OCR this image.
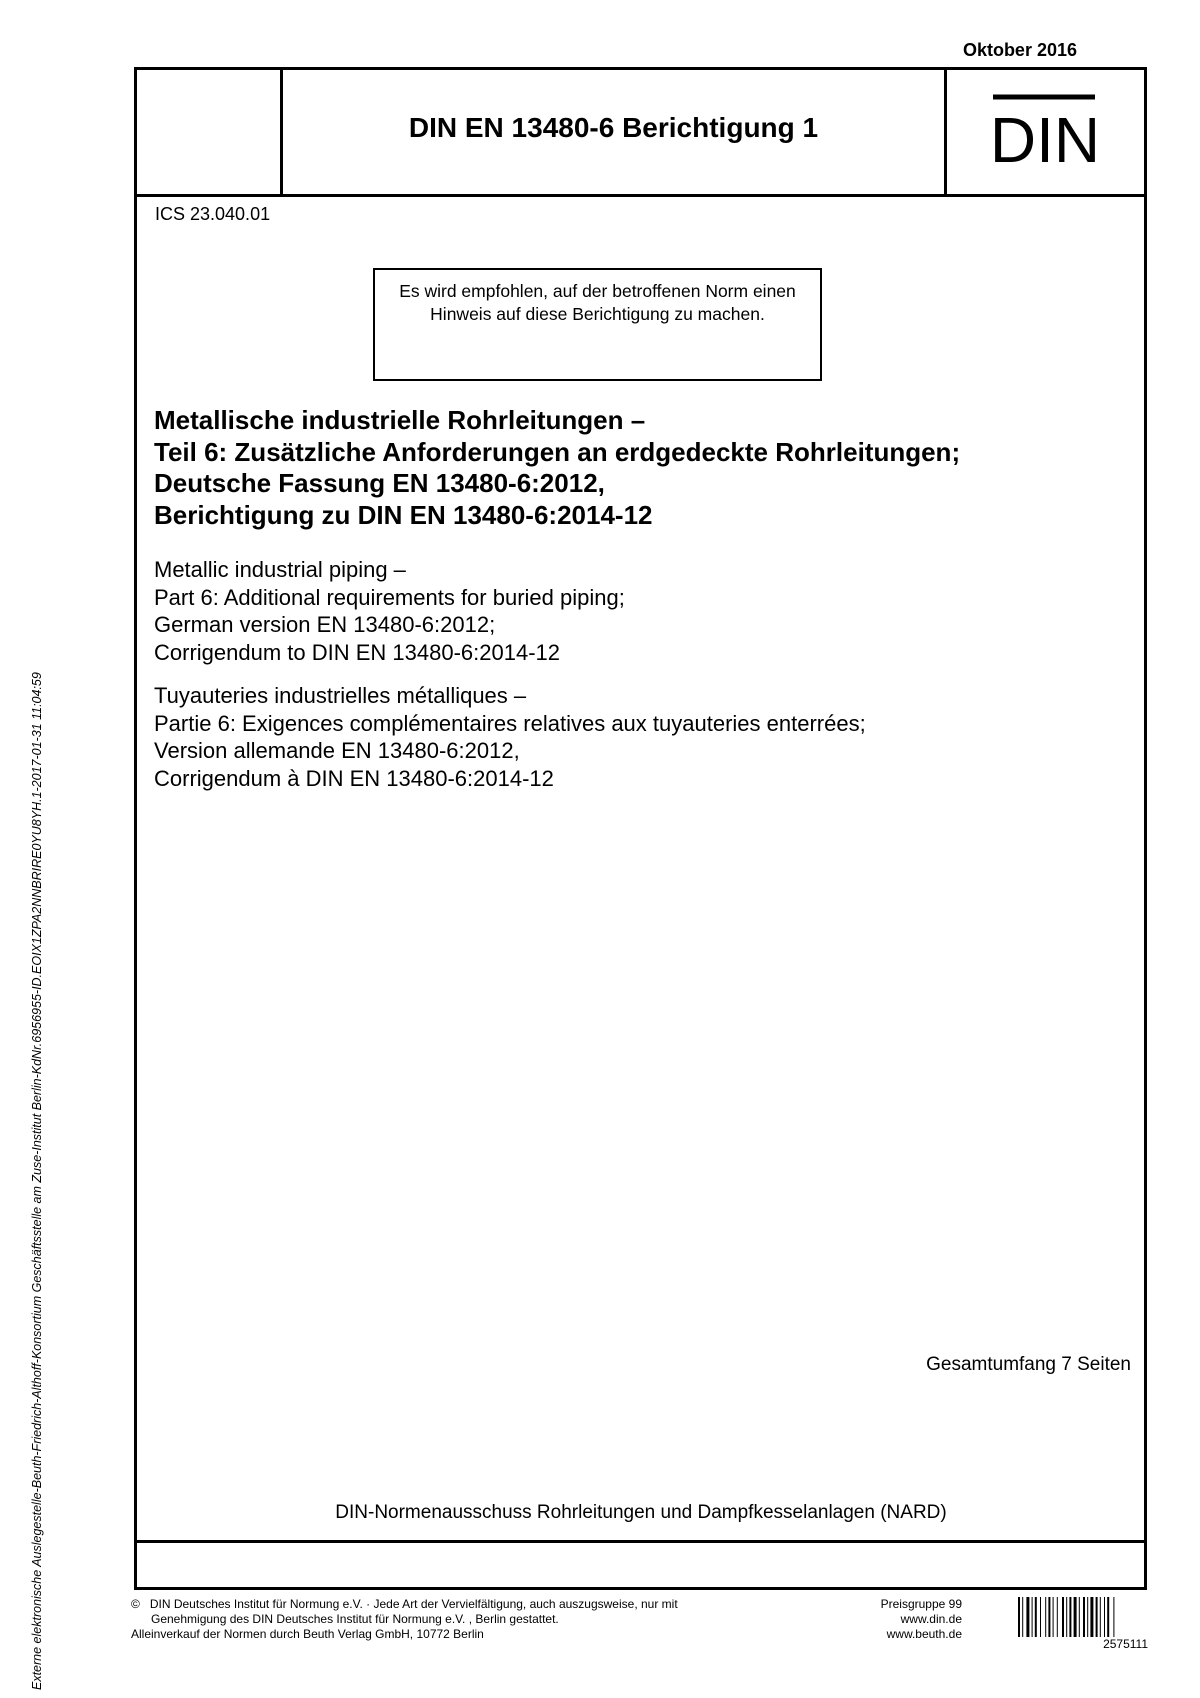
Oktober 2016
DIN EN 13480-6 Berichtigung 1	DIN
ICS 23.040.01
Es wird empfohlen, auf der betroffenen Norm einen Hinweis auf diese Berichtigung zu machen.
Metallische industrielle Rohrleitungen –
Teil 6: Zusätzliche Anforderungen an erdgedeckte Rohrleitungen;
Deutsche Fassung EN 13480-6:2012,
Berichtigung zu DIN EN 13480-6:2014-12
Metallic industrial piping –
Part 6: Additional requirements for buried piping;
German version EN 13480-6:2012;
Corrigendum to DIN EN 13480-6:2014-12
Tuyauteries industrielles métalliques –
Partie 6: Exigences complémentaires relatives aux tuyauteries enterrées;
Version allemande EN 13480-6:2012,
Corrigendum à DIN EN 13480-6:2014-12
Gesamtumfang 7 Seiten
DIN-Normenausschuss Rohrleitungen und Dampfkesselanlagen (NARD)
©   DIN Deutsches Institut für Normung e.V. · Jede Art der Vervielfältigung, auch auszugsweise, nur mit
Genehmigung des DIN Deutsches Institut für Normung e.V. , Berlin gestattet.
Alleinverkauf der Normen durch Beuth Verlag GmbH, 10772 Berlin
Preisgruppe 99
www.din.de
www.beuth.de
2575111
Externe elektronische Auslegestelle-Beuth-Friedrich-Althoff-Konsortium Geschäftsstelle am Zuse-Institut Berlin-KdNr.6956955-ID.EOIX1ZPA2NNBRIRE0YU8YH.1-2017-01-31 11:04:59
